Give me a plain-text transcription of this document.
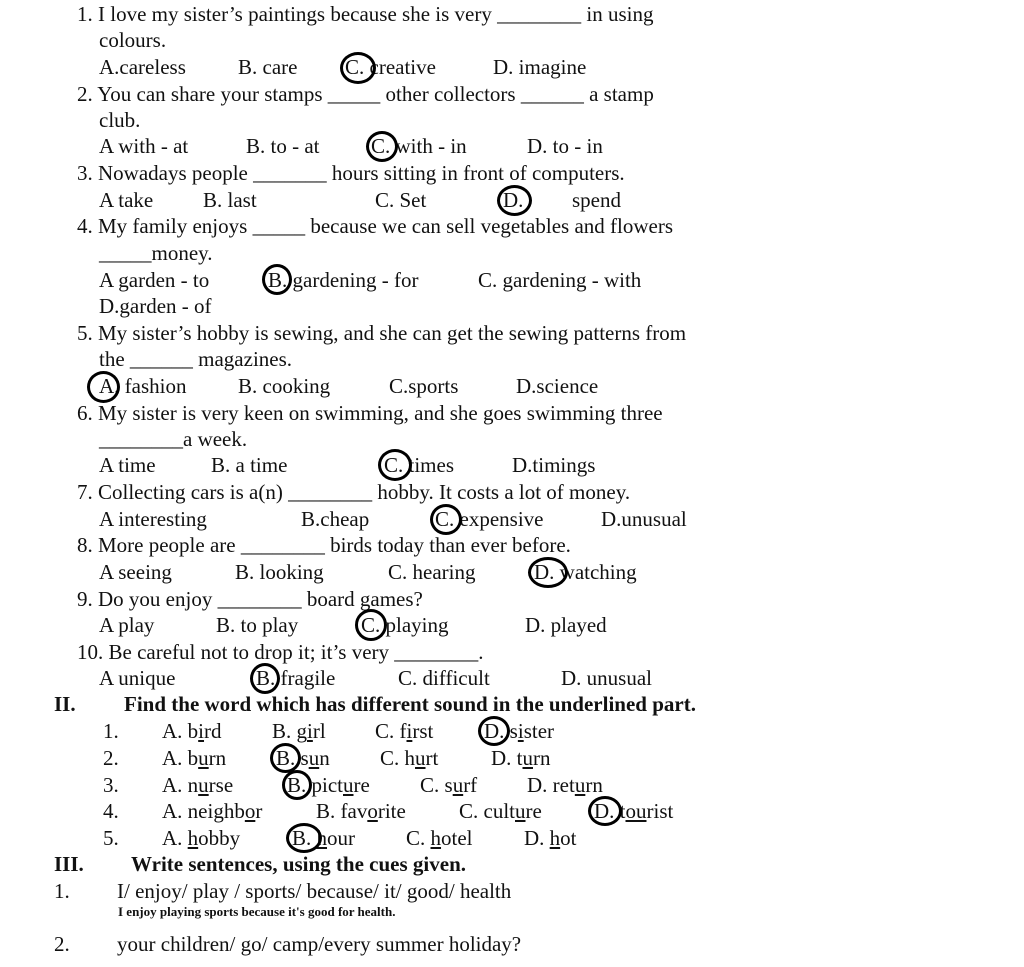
1. I love my sister’s paintings because she is very ________ in using
colours.
A.careless B. care C. creative	D. imagine
2. You can share your stamps _____ other collectors ______ a stamp
club.
A with - at	B. to - at C. with - in	D. to - in
3. Nowadays people _______ hours sitting in front of computers.
A take B. last	C. Set	D. spend
4. My family enjoys _____ because we can sell vegetables and flowers
_____money.
A garden - to	B. gardening - for	C. gardening - with
D.garden - of
5. My sister’s hobby is sewing, and she can get the sewing patterns from
the ______ magazines.
A. fashion B. cooking	C.sports	D.science
6. My sister is very keen on swimming, and she goes swimming three
________a week.
A time	B. a time	C. times	D.timings
7. Collecting cars is a(n) ________ hobby. It costs a lot of money.
A interesting	B.cheap	C. expensive	D.unusual
8. More people are ________ birds today than ever before.
A seeing	B. looking	C. hearing	D. watching
9. Do you enjoy ________ board games?
A play	B. to play	C. playing	D. played
10. Be careful not to drop it; it’s very ________.
A unique	B. fragile	C. difficult	D. unusual
II. Find the word which has different sound in the underlined part.
1. A. bird B. girl C. first D. sister
2. A. burn B. sun C. hurt	D. turn
3. A. nurse	B. picture C. surf D. return
4. A. neighbor	B. favorite	C. culture D. tourist
5. A. hobby B. hour C. hotel D. hot
III. Write sentences, using the cues given.
1. I/ enjoy/ play / sports/ because/ it/ good/ health
I enjoy playing sports because it's good for health.
2. your children/ go/ camp/every summer holiday?
